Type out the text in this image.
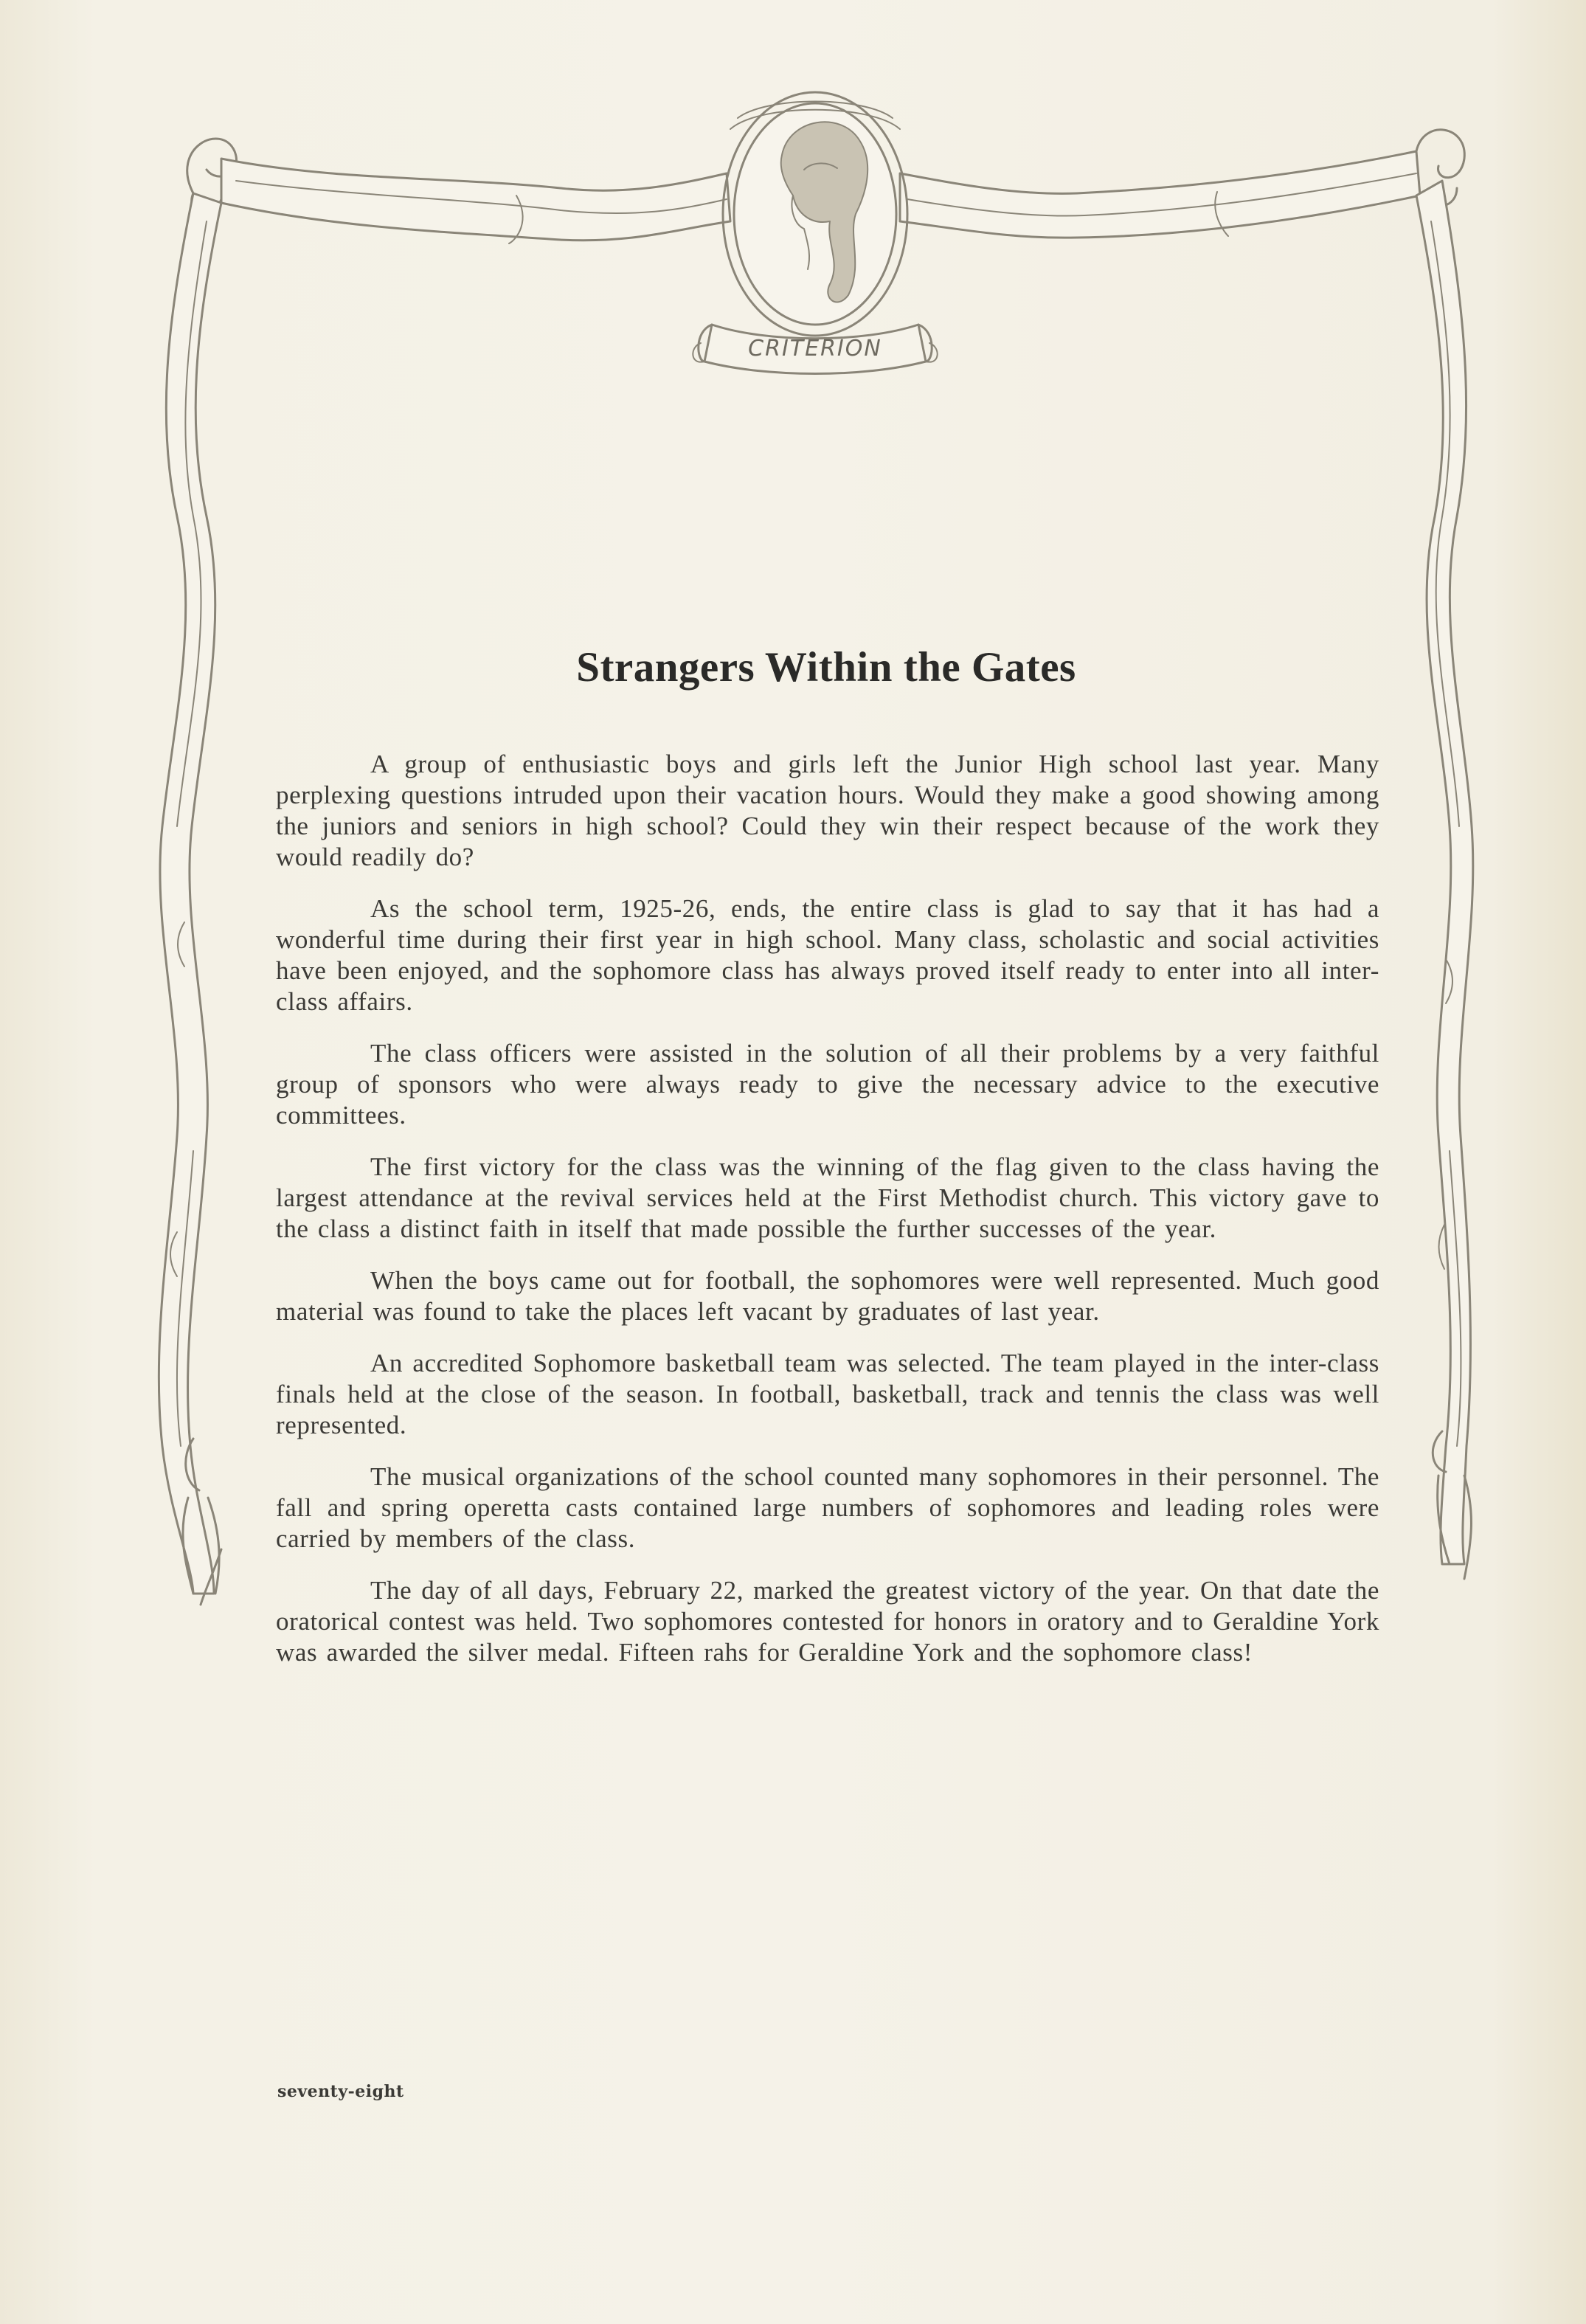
CRITERION
Strangers Within the Gates

A group of enthusiastic boys and girls left the Junior High school last year. Many perplexing questions intruded upon their vacation hours. Would they make a good showing among the juniors and seniors in high school? Could they win their respect because of the work they would readily do?

As the school term, 1925-26, ends, the entire class is glad to say that it has had a wonderful time during their first year in high school. Many class, scholastic and social activities have been enjoyed, and the sophomore class has always proved itself ready to enter into all inter-class affairs.

The class officers were assisted in the solution of all their problems by a very faithful group of sponsors who were always ready to give the necessary advice to the executive committees.

The first victory for the class was the winning of the flag given to the class having the largest attendance at the revival services held at the First Methodist church. This victory gave to the class a distinct faith in itself that made possible the further successes of the year.

When the boys came out for football, the sophomores were well represented. Much good material was found to take the places left vacant by graduates of last year.

An accredited Sophomore basketball team was selected. The team played in the inter-class finals held at the close of the season. In football, basketball, track and tennis the class was well represented.

The musical organizations of the school counted many sophomores in their personnel. The fall and spring operetta casts contained large numbers of sophomores and leading roles were carried by members of the class.

The day of all days, February 22, marked the greatest victory of the year. On that date the oratorical contest was held. Two sophomores contested for honors in oratory and to Geraldine York was awarded the silver medal. Fifteen rahs for Geraldine York and the sophomore class!

seventy-eight
